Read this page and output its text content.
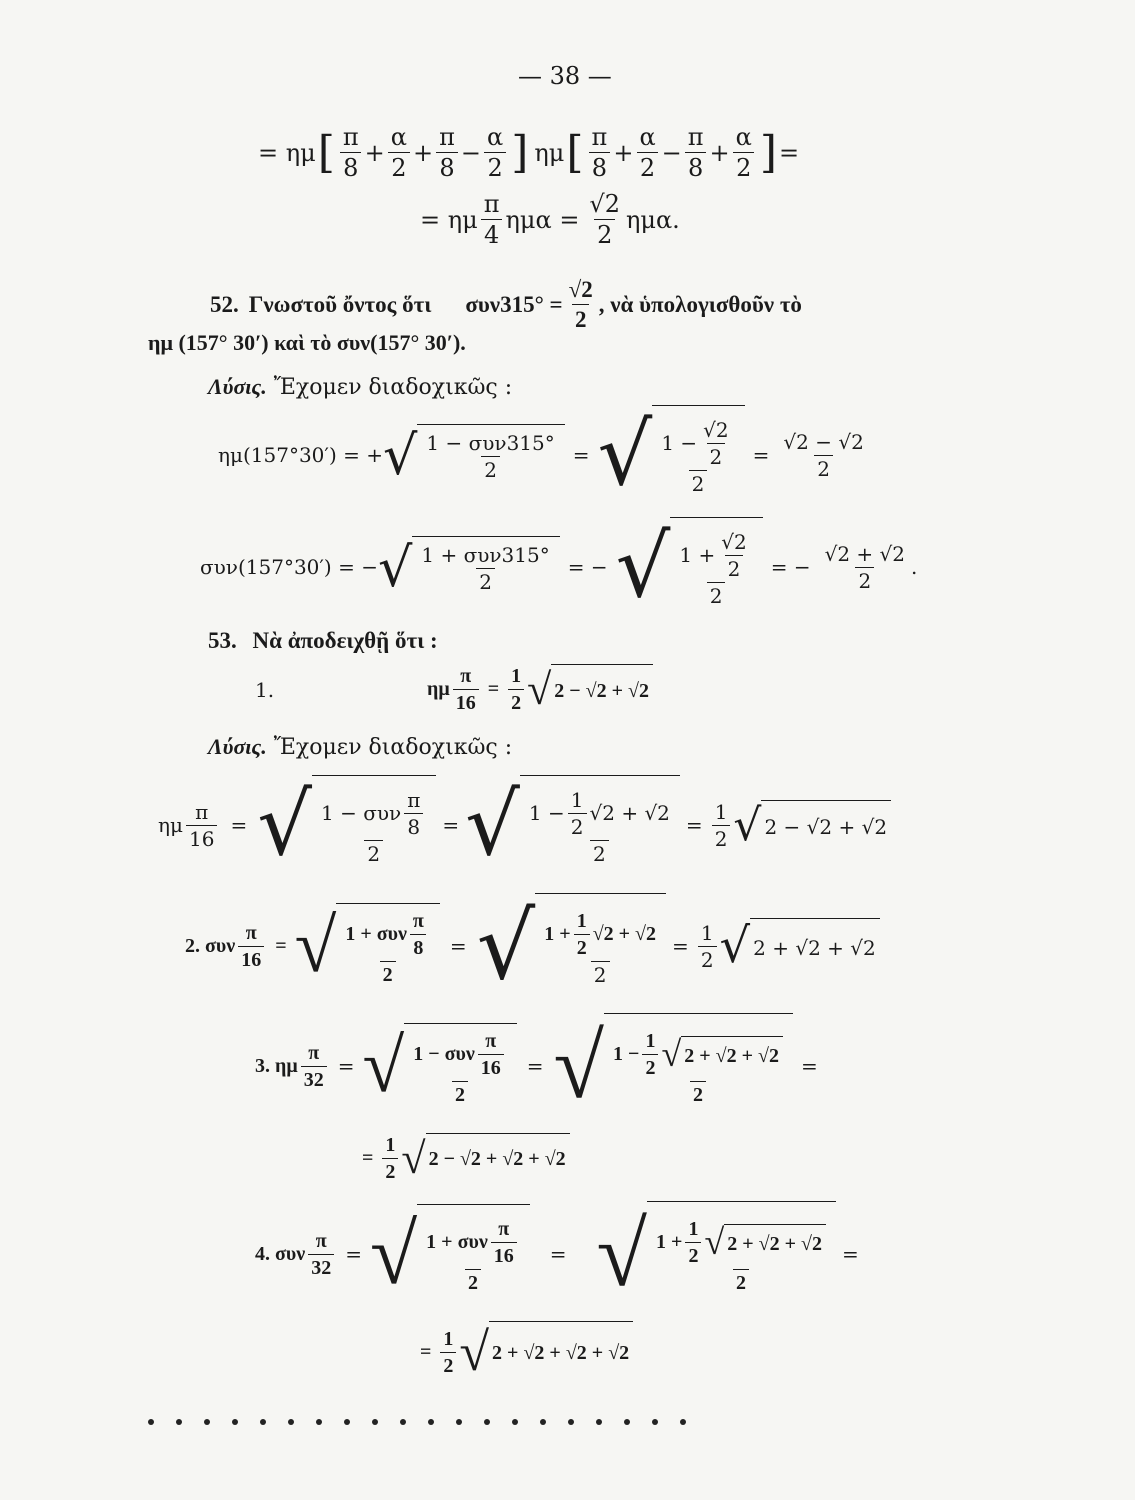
— 38 —
= ημ [ $\frac{\pi}{8} + \frac{\alpha}{2} + \frac{\pi}{8} - \frac{\alpha}{2}$ ] ημ [ $\frac{\pi}{8} + \frac{\alpha}{2} - \frac{\pi}{8} + \frac{\alpha}{2}$ ] =
= ημ $\frac{\pi}{4}$ $\eta\mu\alpha = \frac{√2}{2} \eta\mu\alpha$.
52. Γνωστοῦ ὄντος ὅτι $\sigma\upsilon\nu 315^\circ = \frac{√2}{2}$ , νὰ ὑπολογισθοῦν τὸ
ημ (157° 30′) καὶ τὸ συν(157° 30′).
Λύσις. Ἔχομεν διαδοχικῶς :
ημ(157°30′) = + √ $\frac{\text{1 − συν315°}}{2}$ = √ $\frac{1 - \frac{√2}{2}}{2} = \frac{√2 - √2}{2}$
συν(157°30′) = − √ $\frac{\text{1 + συν315°}}{2}$ = − √ $\frac{1 + \frac{√2}{2}}{2}$ = − $\frac{√2 + √2}{2}$ .
53. Νὰ ἀποδειχθῇ ὅτι :
1.	ημ $\frac{\pi}{16} = \frac{1}{2}$ √ 2 − √2 + √2
Λύσις. Ἔχομεν διαδοχικῶς :
ημ $\frac{\pi}{16}$ = √ $\frac{1 - \sigma\upsilon\nu \frac{\pi}{8}}{2}$ = √ $\frac{1 - \frac{1}{2} √2 + √2}{2} = \frac{1}{2}$ √ 2 − √2 + √2
2. συν $\frac{\pi}{16}$ = √ $\frac{1 + \sigma\upsilon\nu \frac{\pi}{8}}{2}$ = √ $\frac{1 + \frac{1}{2} √2 + √2}{2} = \frac{1}{2}$ √ 2 + √2 + √2
3. ημ $\frac{\pi}{32}$ = √ $\frac{1 - \sigma\upsilon\nu \frac{\pi}{16}}{2}$ = √ $\frac{1 - \frac{1}{2} √ 2 + √2 + √2}{2}$ =
= $\frac{1}{2}$ √ 2 − √2 + √2 + √2
4. συν $\frac{\pi}{32}$ = √ $\frac{1 + \sigma\upsilon\nu \frac{\pi}{16}}{2}$ = √ $\frac{1 + \frac{1}{2} √ 2 + √2 + √2}{2}$ =
= $\frac{1}{2}$ √ 2 + √2 + √2 + √2
